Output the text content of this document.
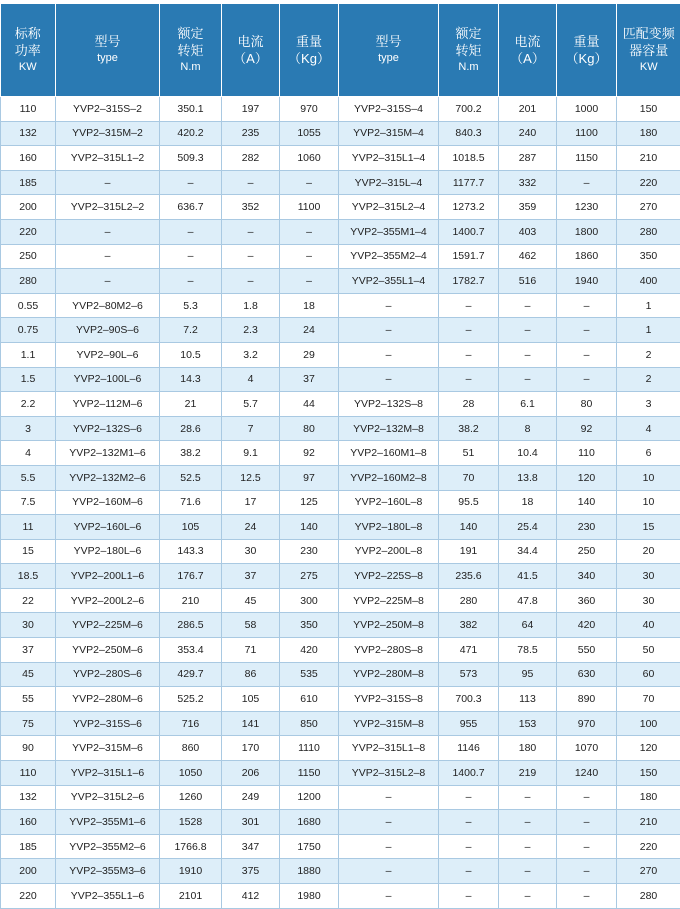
标称
功率
KW	型号
type	额定
转矩
N.m	电流
（A）	重量
（Kg）	型号
type	额定
转矩
N.m	电流
（A）	重量
（Kg）	匹配变频
器容量
KW

110	YVP2–315S–2	350.1	197	970	YVP2–315S–4	700.2	201	1000	150
132	YVP2–315M–2	420.2	235	1055	YVP2–315M–4	840.3	240	1100	180
160	YVP2–315L1–2	509.3	282	1060	YVP2–315L1–4	1018.5	287	1150	210
185	–	–	–	–	YVP2–315L–4	1177.7	332	–	220
200	YVP2–315L2–2	636.7	352	1100	YVP2–315L2–4	1273.2	359	1230	270
220	–	–	–	–	YVP2–355M1–4	1400.7	403	1800	280
250	–	–	–	–	YVP2–355M2–4	1591.7	462	1860	350
280	–	–	–	–	YVP2–355L1–4	1782.7	516	1940	400
0.55	YVP2–80M2–6	5.3	1.8	18	–	–	–	–	1
0.75	YVP2–90S–6	7.2	2.3	24	–	–	–	–	1
1.1	YVP2–90L–6	10.5	3.2	29	–	–	–	–	2
1.5	YVP2–100L–6	14.3	4	37	–	–	–	–	2
2.2	YVP2–112M–6	21	5.7	44	YVP2–132S–8	28	6.1	80	3
3	YVP2–132S–6	28.6	7	80	YVP2–132M–8	38.2	8	92	4
4	YVP2–132M1–6	38.2	9.1	92	YVP2–160M1–8	51	10.4	110	6
5.5	YVP2–132M2–6	52.5	12.5	97	YVP2–160M2–8	70	13.8	120	10
7.5	YVP2–160M–6	71.6	17	125	YVP2–160L–8	95.5	18	140	10
11	YVP2–160L–6	105	24	140	YVP2–180L–8	140	25.4	230	15
15	YVP2–180L–6	143.3	30	230	YVP2–200L–8	191	34.4	250	20
18.5	YVP2–200L1–6	176.7	37	275	YVP2–225S–8	235.6	41.5	340	30
22	YVP2–200L2–6	210	45	300	YVP2–225M–8	280	47.8	360	30
30	YVP2–225M–6	286.5	58	350	YVP2–250M–8	382	64	420	40
37	YVP2–250M–6	353.4	71	420	YVP2–280S–8	471	78.5	550	50
45	YVP2–280S–6	429.7	86	535	YVP2–280M–8	573	95	630	60
55	YVP2–280M–6	525.2	105	610	YVP2–315S–8	700.3	113	890	70
75	YVP2–315S–6	716	141	850	YVP2–315M–8	955	153	970	100
90	YVP2–315M–6	860	170	1110	YVP2–315L1–8	1146	180	1070	120
110	YVP2–315L1–6	1050	206	1150	YVP2–315L2–8	1400.7	219	1240	150
132	YVP2–315L2–6	1260	249	1200	–	–	–	–	180
160	YVP2–355M1–6	1528	301	1680	–	–	–	–	210
185	YVP2–355M2–6	1766.8	347	1750	–	–	–	–	220
200	YVP2–355M3–6	1910	375	1880	–	–	–	–	270
220	YVP2–355L1–6	2101	412	1980	–	–	–	–	280
